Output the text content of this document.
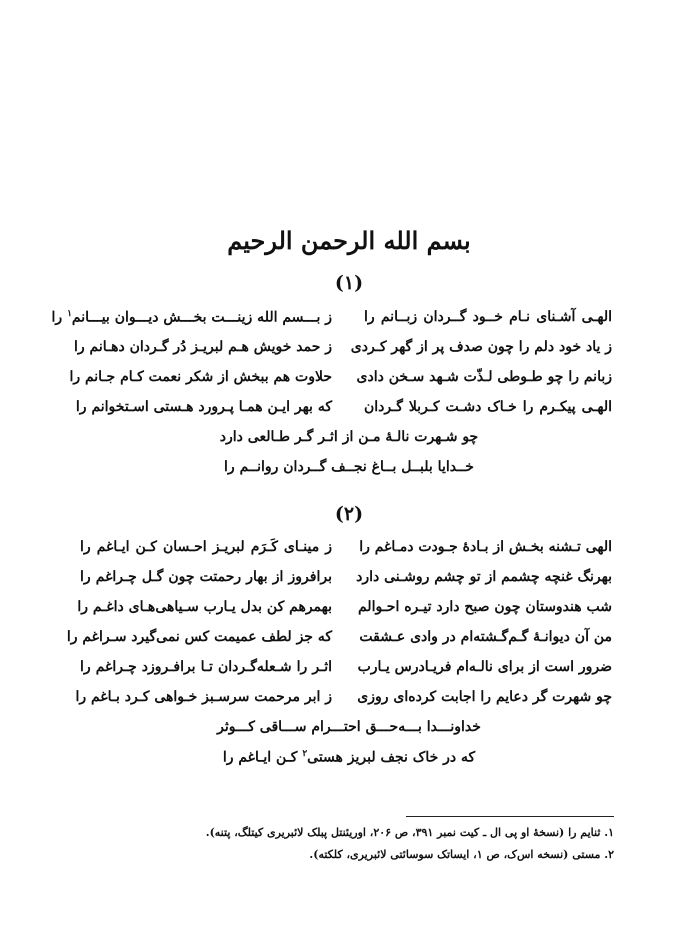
بسم الله الرحمن الرحیم
(۱)
الهـی آشـنای نـام خــود گــردان زبــانم را
ز بـــسم الله زینـــت بخـــش دیـــوان بیـــانم$^۱$ را
ز یاد خود دلم را چون صدف پر از گهر کـردی
ز حمد خویش هـم لبریـز دُر گـردان دهـانم را
زبانم را چو طـوطی لـذّت شـهد سـخن دادی
حلاوت هم ببخش از شکر نعمت کـام جـانم را
الهـی پیکـرم را خـاک دشـت کـربلا گـردان
که بهر ایـن همـا پـرورد هـستی اسـتخوانم را
چو شـهرت نالـۀ مـن از اثـر گـر طـالعی دارد
خــدایا بلبــل بــاغ نجــف گــردان روانــم را
(۲)
الهی تـشنه بخـش از بـادۀ جـودت دمـاغم را
ز مینـای کَـرَم لبریـز احـسان کـن ایـاغم را
بهرنگ غنچه چشمم از تو چشم روشـنی دارد
برافروز از بهار رحمتت چون گـل چـراغم را
شب هندوستان چون صبح دارد تیـره احـوالم
بهمرهم کن بدل یـارب سـیاهی‌هـای داغـم را
من آن دیوانـۀ گـم‌گـشته‌ام در وادی عـشقت
که جز لطف عمیمت کس نمی‌گیرد سـراغم را
ضرور است از برای نالـه‌ام فریـادرس یـارب
اثـر را شـعله‌گـردان تـا برافـروزد چـراغم را
چو شهرت گر دعایم را اجابت کرده‌ای روزی
ز ابر مرحمت سرسـبز خـواهی کـرد بـاغم را
خداونـــدا بـــه‌حـــق احتـــرام ســـاقی کـــوثر
که در خاک نجف لبریز هستی$^۲$ کـن ایـاغم را
۱. ثنایم را (نسخۀ او پی ال ـ کیت نمبر ۳۹۱، ص ۲۰۶، اوریئنتل پبلک لائبریری کیتلگ، پتنه).
۲. مستی (نسخه اس‌ک، ص ۱، ایساتک سوسائتی لائبریری، کلکته).
